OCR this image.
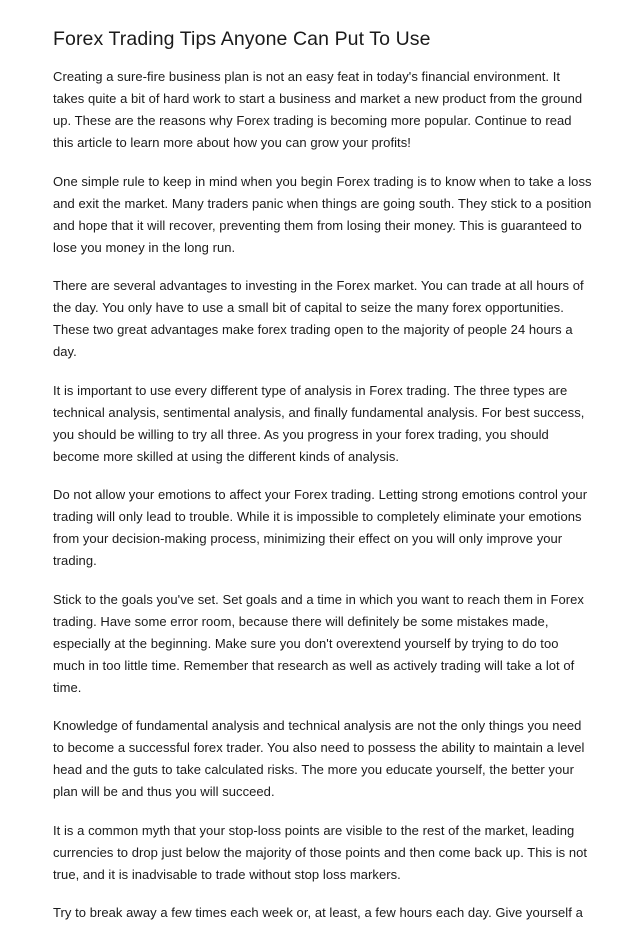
Forex Trading Tips Anyone Can Put To Use

Creating a sure-fire business plan is not an easy feat in today's financial environment. It
takes quite a bit of hard work to start a business and market a new product from the ground
up. These are the reasons why Forex trading is becoming more popular. Continue to read
this article to learn more about how you can grow your profits!

One simple rule to keep in mind when you begin Forex trading is to know when to take a loss
and exit the market. Many traders panic when things are going south. They stick to a position
and hope that it will recover, preventing them from losing their money. This is guaranteed to
lose you money in the long run.

There are several advantages to investing in the Forex market. You can trade at all hours of
the day. You only have to use a small bit of capital to seize the many forex opportunities.
These two great advantages make forex trading open to the majority of people 24 hours a
day.

It is important to use every different type of analysis in Forex trading. The three types are
technical analysis, sentimental analysis, and finally fundamental analysis. For best success,
you should be willing to try all three. As you progress in your forex trading, you should
become more skilled at using the different kinds of analysis.

Do not allow your emotions to affect your Forex trading. Letting strong emotions control your
trading will only lead to trouble. While it is impossible to completely eliminate your emotions
from your decision-making process, minimizing their effect on you will only improve your
trading.

Stick to the goals you've set. Set goals and a time in which you want to reach them in Forex
trading. Have some error room, because there will definitely be some mistakes made,
especially at the beginning. Make sure you don't overextend yourself by trying to do too
much in too little time. Remember that research as well as actively trading will take a lot of
time.

Knowledge of fundamental analysis and technical analysis are not the only things you need
to become a successful forex trader. You also need to possess the ability to maintain a level
head and the guts to take calculated risks. The more you educate yourself, the better your
plan will be and thus you will succeed.

It is a common myth that your stop-loss points are visible to the rest of the market, leading
currencies to drop just below the majority of those points and then come back up. This is not
true, and it is inadvisable to trade without stop loss markers.

Try to break away a few times each week or, at least, a few hours each day. Give yourself a
